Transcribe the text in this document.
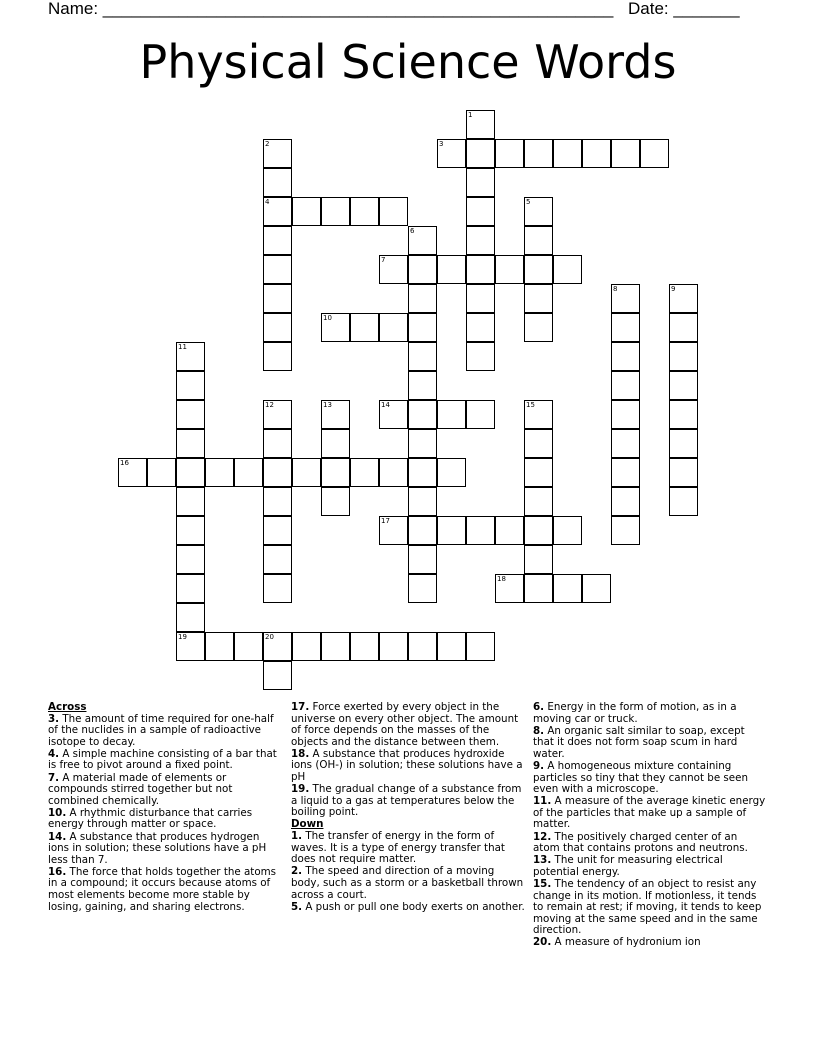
Name: ______________________________________________________ Date: _______
Physical Science Words
1
2
4
3
5
6
7
8	9
10
11
12	13	14	15
16
17
18
19	20
Across
3. The amount of time required for one-half of the nuclides in a sample of radioactive isotope to decay.
4. A simple machine consisting of a bar that is free to pivot around a fixed point.
7. A material made of elements or compounds stirred together but not combined chemically.
10. A rhythmic disturbance that carries energy through matter or space.
14. A substance that produces hydrogen ions in solution; these solutions have a pH less than 7.
16. The force that holds together the atoms in a compound; it occurs because atoms of most elements become more stable by losing, gaining, and sharing electrons.
17. Force exerted by every object in the universe on every other object. The amount of force depends on the masses of the objects and the distance between them.
18. A substance that produces hydroxide ions (OH-) in solution; these solutions have a pH
19. The gradual change of a substance from a liquid to a gas at temperatures below the boiling point.
Down
1. The transfer of energy in the form of waves. It is a type of energy transfer that does not require matter.
2. The speed and direction of a moving body, such as a storm or a basketball thrown across a court.
5. A push or pull one body exerts on another.
6. Energy in the form of motion, as in a moving car or truck.
8. An organic salt similar to soap, except that it does not form soap scum in hard water.
9. A homogeneous mixture containing particles so tiny that they cannot be seen even with a microscope.
11. A measure of the average kinetic energy of the particles that make up a sample of matter.
12. The positively charged center of an atom that contains protons and neutrons.
13. The unit for measuring electrical potential energy.
15. The tendency of an object to resist any change in its motion. If motionless, it tends to remain at rest; if moving, it tends to keep moving at the same speed and in the same direction.
20. A measure of hydronium ion
